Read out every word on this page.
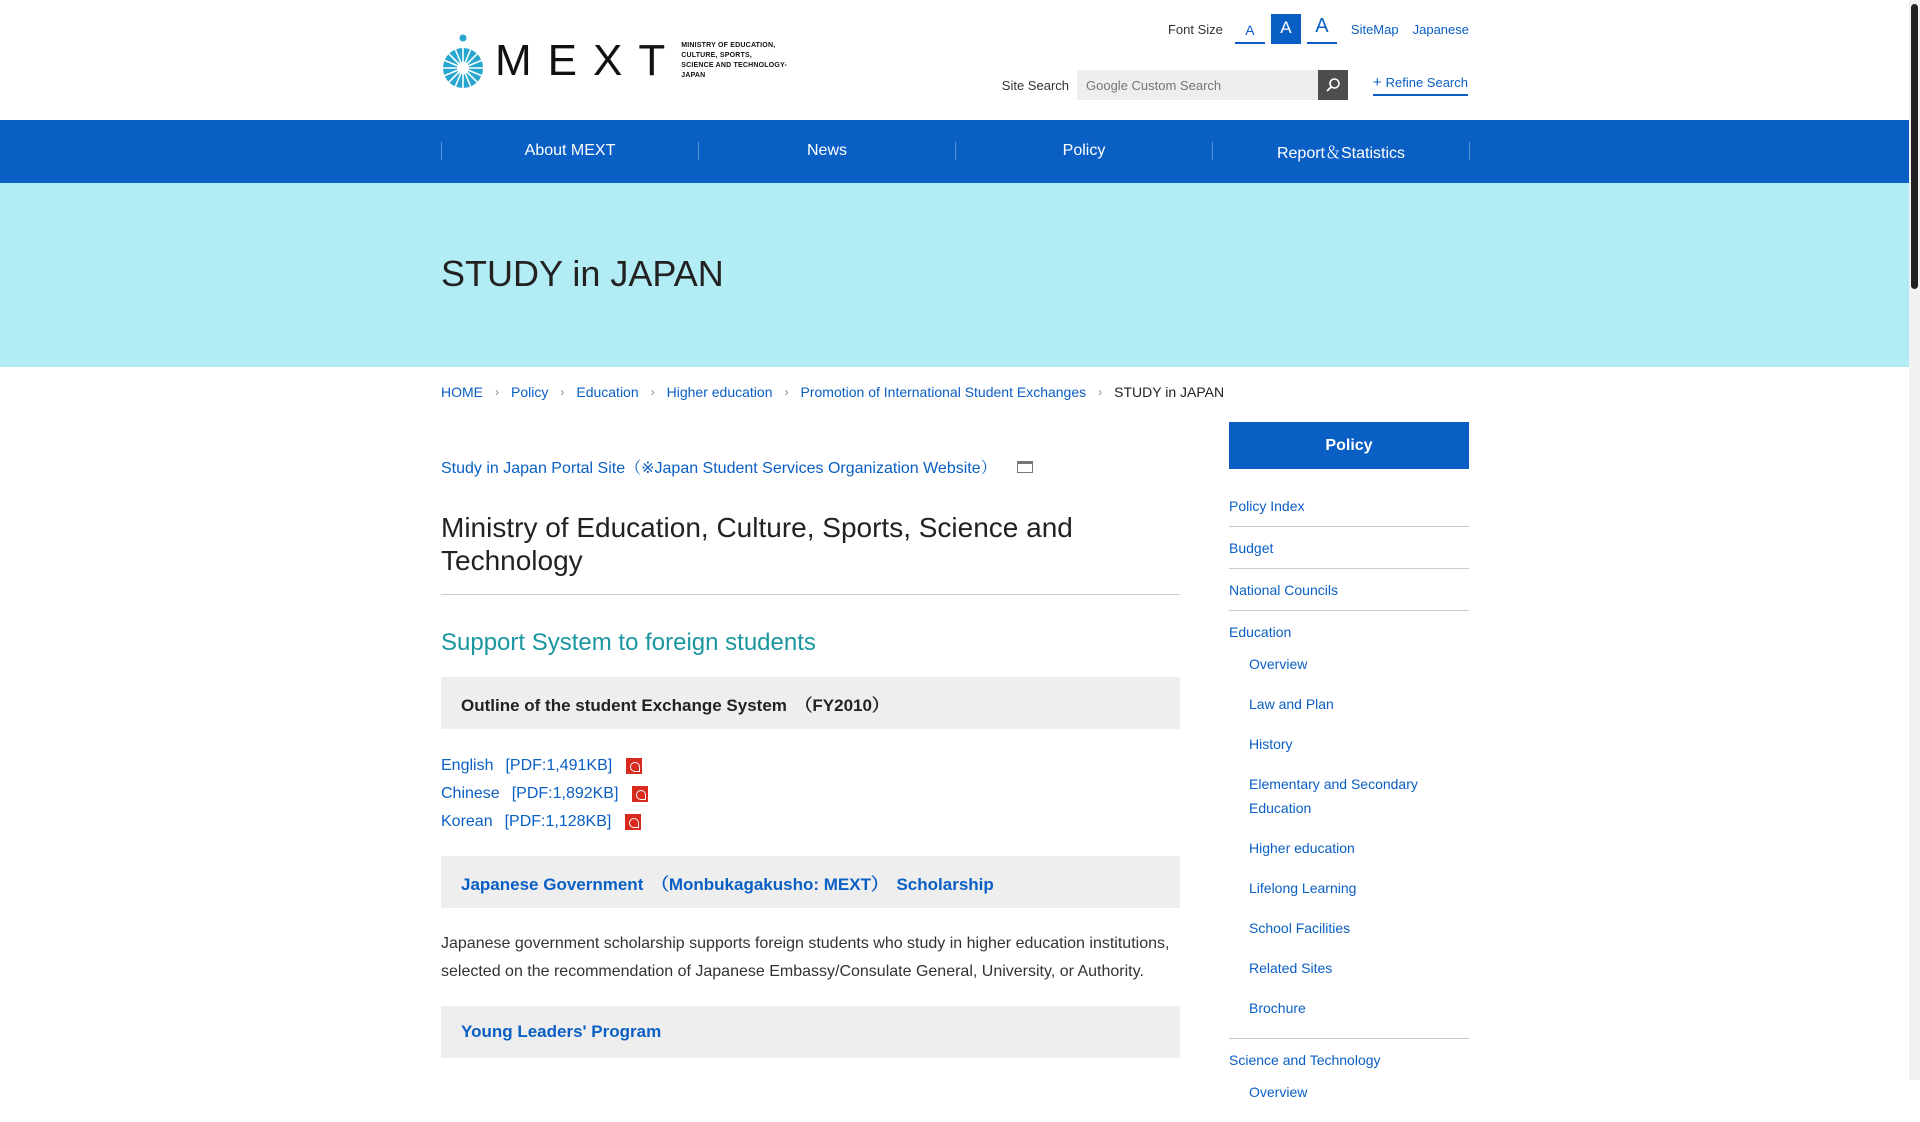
MEXT MINISTRY OF EDUCATION,
CULTURE, SPORTS,
SCIENCE AND TECHNOLOGY-JAPAN
Font Size	A	A	A	SiteMap Japanese
Site Search
Google Custom Search	+ Refine Search
About MEXT	News	Policy	Report＆Statistics
STUDY in JAPAN
HOME › Policy › Education › Higher education › Promotion of International Student Exchanges › STUDY in JAPAN
Study in Japan Portal Site（※Japan Student Services Organization Website）
Ministry of Education, Culture, Sports, Science and Technology
Support System to foreign students
Outline of the student Exchange System　（FY2010）
English [PDF:1,491KB]
Chinese [PDF:1,892KB]
Korean [PDF:1,128KB]
Japanese Government　（Monbukagakusho: MEXT）　Scholarship

Japanese government scholarship supports foreign students who study in higher education institutions, selected on the recommendation of Japanese Embassy/Consulate General, University, or Authority.

Young Leaders' Program
Policy
Policy Index
Budget
National Councils
Education
Overview
Law and Plan
History
Elementary and Secondary Education
Higher education
Lifelong Learning
School Facilities
Related Sites
Brochure
Science and Technology
Overview
